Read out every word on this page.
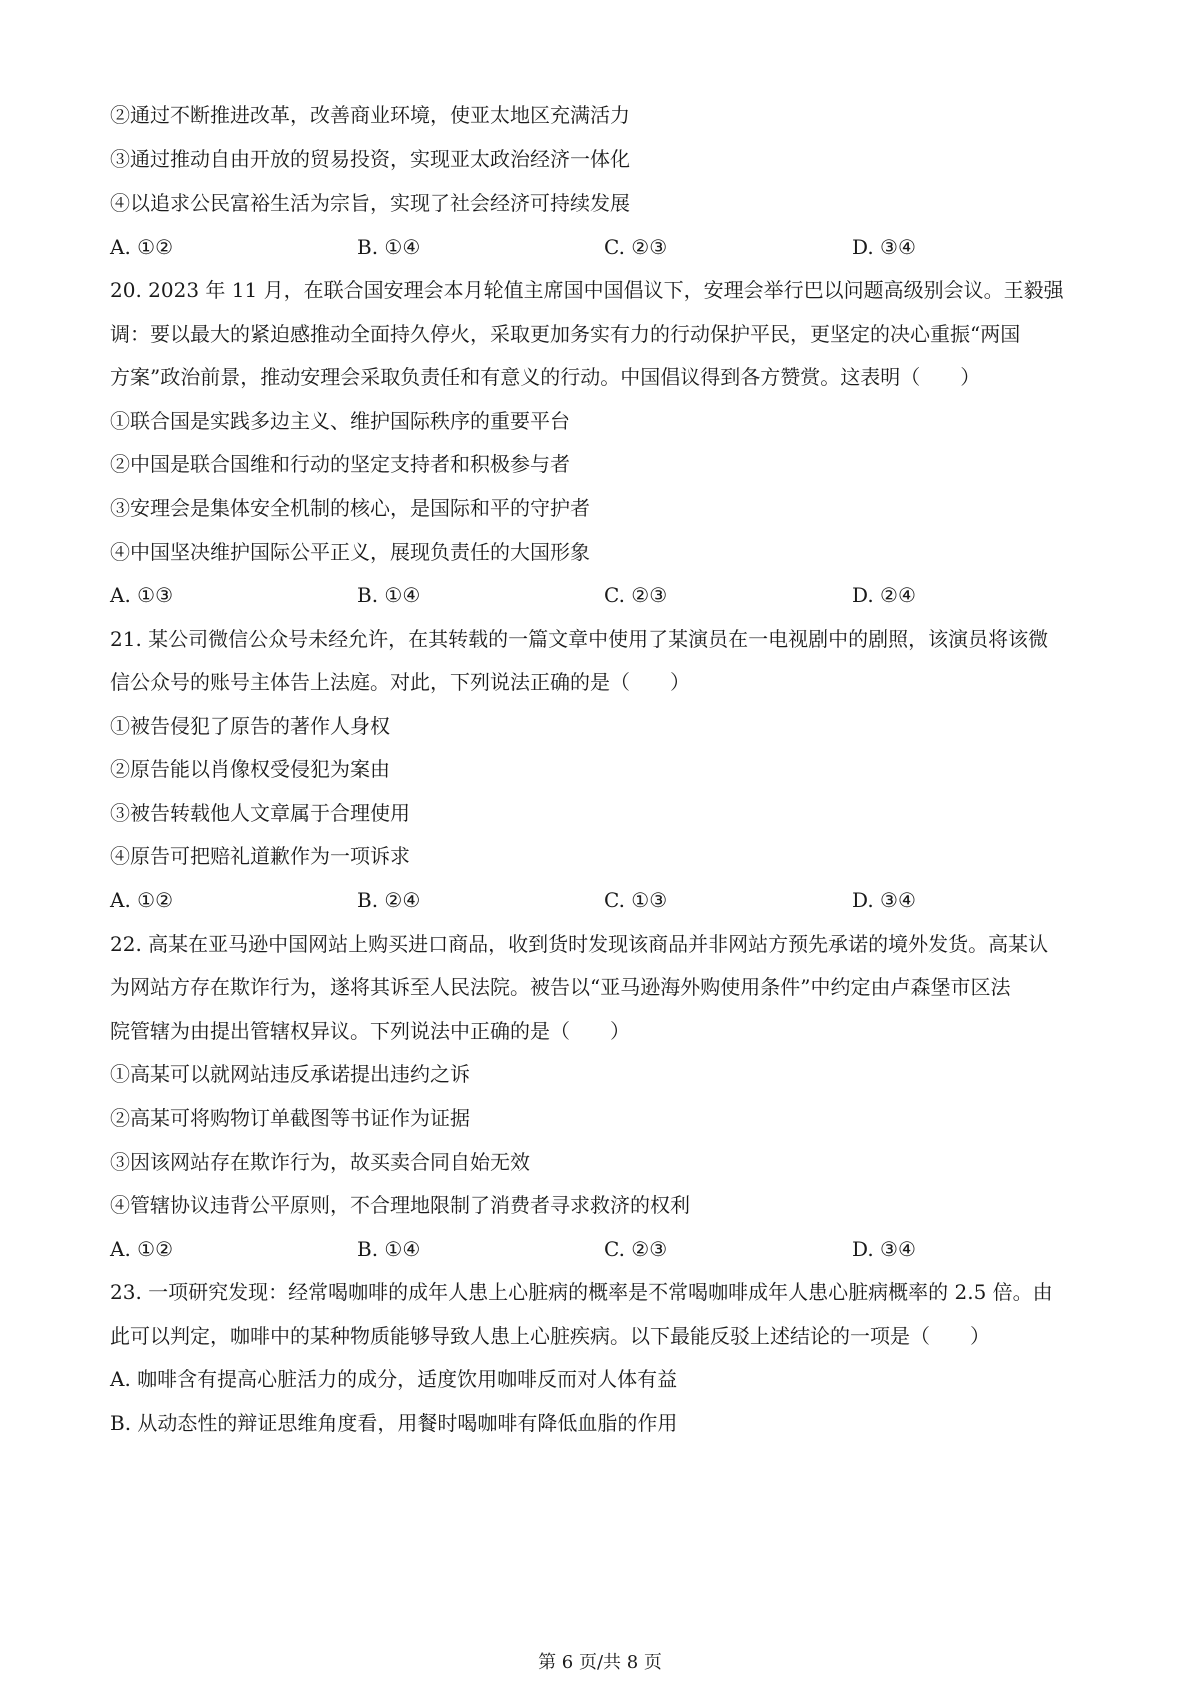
②通过不断推进改革，改善商业环境，使亚太地区充满活力
③通过推动自由开放的贸易投资，实现亚太政治经济一体化
④以追求公民富裕生活为宗旨，实现了社会经济可持续发展
A. ①②	B. ①④	C. ②③	D. ③④
20. 2023 年 11 月，在联合国安理会本月轮值主席国中国倡议下，安理会举行巴以问题高级别会议。王毅强
调：要以最大的紧迫感推动全面持久停火，采取更加务实有力的行动保护平民，更坚定的决心重振“两国
方案”政治前景，推动安理会采取负责任和有意义的行动。中国倡议得到各方赞赏。这表明（　　）
①联合国是实践多边主义、维护国际秩序的重要平台
②中国是联合国维和行动的坚定支持者和积极参与者
③安理会是集体安全机制的核心，是国际和平的守护者
④中国坚决维护国际公平正义，展现负责任的大国形象
A. ①③	B. ①④	C. ②③	D. ②④
21. 某公司微信公众号未经允许，在其转载的一篇文章中使用了某演员在一电视剧中的剧照，该演员将该微
信公众号的账号主体告上法庭。对此，下列说法正确的是（　　）
①被告侵犯了原告的著作人身权
②原告能以肖像权受侵犯为案由
③被告转载他人文章属于合理使用
④原告可把赔礼道歉作为一项诉求
A. ①②	B. ②④	C. ①③	D. ③④
22. 高某在亚马逊中国网站上购买进口商品，收到货时发现该商品并非网站方预先承诺的境外发货。高某认
为网站方存在欺诈行为，遂将其诉至人民法院。被告以“亚马逊海外购使用条件”中约定由卢森堡市区法
院管辖为由提出管辖权异议。下列说法中正确的是（　　）
①高某可以就网站违反承诺提出违约之诉
②高某可将购物订单截图等书证作为证据
③因该网站存在欺诈行为，故买卖合同自始无效
④管辖协议违背公平原则，不合理地限制了消费者寻求救济的权利
A. ①②	B. ①④	C. ②③	D. ③④
23. 一项研究发现：经常喝咖啡的成年人患上心脏病的概率是不常喝咖啡成年人患心脏病概率的 2.5 倍。由
此可以判定，咖啡中的某种物质能够导致人患上心脏疾病。以下最能反驳上述结论的一项是（　　）
A. 咖啡含有提高心脏活力的成分，适度饮用咖啡反而对人体有益
B. 从动态性的辩证思维角度看，用餐时喝咖啡有降低血脂的作用
第 6 页/共 8 页
